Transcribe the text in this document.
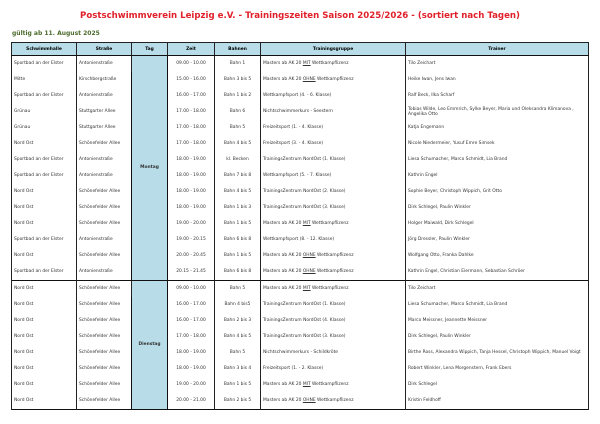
Postschwimmverein Leipzig e.V. - Trainingszeiten Saison 2025/2026 - (sortiert nach Tagen)
gültig ab 11. August 2025
Schwimmhalle	Straße	Tag	Zeit	Bahnen	Trainingsgruppe	Trainer
Sportbad an der Elster	Antonienstraße	Montag	09.00 - 10.00	Bahn 1	Masters ab AK 20 MIT Wettkampflizenz	Tilo Zeichart
Mitte	Kirschbergstraße		15.00 - 16.00	Bahn 3 bis 5	Masters ab AK 20 OHNE Wettkampflizenz	Heike Iwan, Jens Iwan
Sportbad an der Elster	Antonienstraße		16.00 - 17.00	Bahn 1 bis 2	Wettkampfsport (4. - 6. Klasse)	Ralf Beck, Ilka Scharf
Grünau	Stuttgarter Allee		17.00 - 18.00	Bahn 6	Nichtschwimmerkurs - Seestern	Tobias Wilde, Leo Emmrich, Sylke Beyer, Maria und Oleksandra Klimanova , Angelika Otto
Grünau	Stuttgarter Allee		17.00 - 18.00	Bahn 5	Freizeitsport (1. - 4. Klasse)	Katja Engemann
Nord Ost	Schönefelder Allee		17.00 - 18.00	Bahn 4 bis 5	Freizeitsport (3. - 4. Klasse)	Nicole Niedermeier, Yusuf Emre Simsek
Sportbad an der Elster	Antonienstraße		18.00 - 19.00	kl. Becken	TrainingsZentrum NordOst (1. Klasse)	Liesa Schumacher, Marco Schmidt, Lia Brand
Sportbad an der Elster	Antonienstraße		18.00 - 19.00	Bahn 7 bis 8	Wettkampfsport (5. - 7. Klasse)	Kathrin Engel
Nord Ost	Schönefelder Allee		18.00 - 19.00	Bahn 4 bis 5	TrainingsZentrum NordOst (2. Klasse)	Sophie Beyer, Christoph Wippich, Grit Otto
Nord Ost	Schönefelder Allee		18.00 - 19.00	Bahn 1 bis 3	TrainingsZentrum NordOst (3. Klasse)	Dirk Schlegel, Paulin Winkler
Nord Ost	Schönefelder Allee		19.00 - 20.00	Bahn 1 bis 5	Masters ab AK 20 MIT Wettkampflizenz	Holger Maiwald, Dirk Schlegel
Sportbad an der Elster	Antonienstraße		19.00 - 20.15	Bahn 6 bis 8	Wettkampfsport (8. - 12. Klasse)	Jörg Dressler, Paulin Winkler
Nord Ost	Schönefelder Allee		20.00 - 20.45	Bahn 1 bis 5	Masters ab AK 20 OHNE Wettkampflizenz	Wolfgang Otto, Franka Dahlke
Sportbad an der Elster	Antonienstraße		20.15 - 21.45	Bahn 6 bis 8	Masters ab AK 20 OHNE Wettkampflizenz	Kathrin Engel, Christian Eiermann, Sebastian Schröer
Nord Ost	Schönefelder Allee	Dienstag	09.00 - 10.00	Bahn 5	Masters ab AK 20 MIT Wettkampflizenz	Tilo Zeichart
Nord Ost	Schönefelder Allee		16.00 - 17.00	Bahn 4 bis5	TrainingsZentrum NordOst (1. Klasse)	Liesa Schumacher, Marco Schmidt, Lia Brand
Nord Ost	Schönefelder Allee		16.00 - 17.00	Bahn 2 bis 3	TrainingsZentrum NordOst (4. Klasse)	Marco Meissner, Jeannette Meissner
Nord Ost	Schönefelder Allee		17.00 - 18.00	Bahn 4 bis 5	TrainingsZentrum NordOst (3. Klasse)	Dirk Schlegel, Paulin Winkler
Nord Ost	Schönefelder Allee		18.00 - 19.00	Bahn 5	Nichtschwimmerkurs - Schildkröte	Birthe Ross, Alexandra Wippich, Tanja Hessel, Christoph Wippich, Manuel Voigt
Nord Ost	Schönefelder Allee		18.00 - 19.00	Bahn 3 bis 4	Freizeitsport (1. - 2. Klasse)	Robert Winkler, Lena Morgenstern, Frank Ebers
Nord Ost	Schönefelder Allee		19.00 - 20.00	Bahn 1 bis 5	Masters ab AK 20 MIT Wettkampflizenz	Dirk Schlegel
Nord Ost	Schönefelder Allee		20.00 - 21.00	Bahn 2 bis 5	Masters ab AK 20 OHNE Wettkampflizenz	Kristin Feldhoff
